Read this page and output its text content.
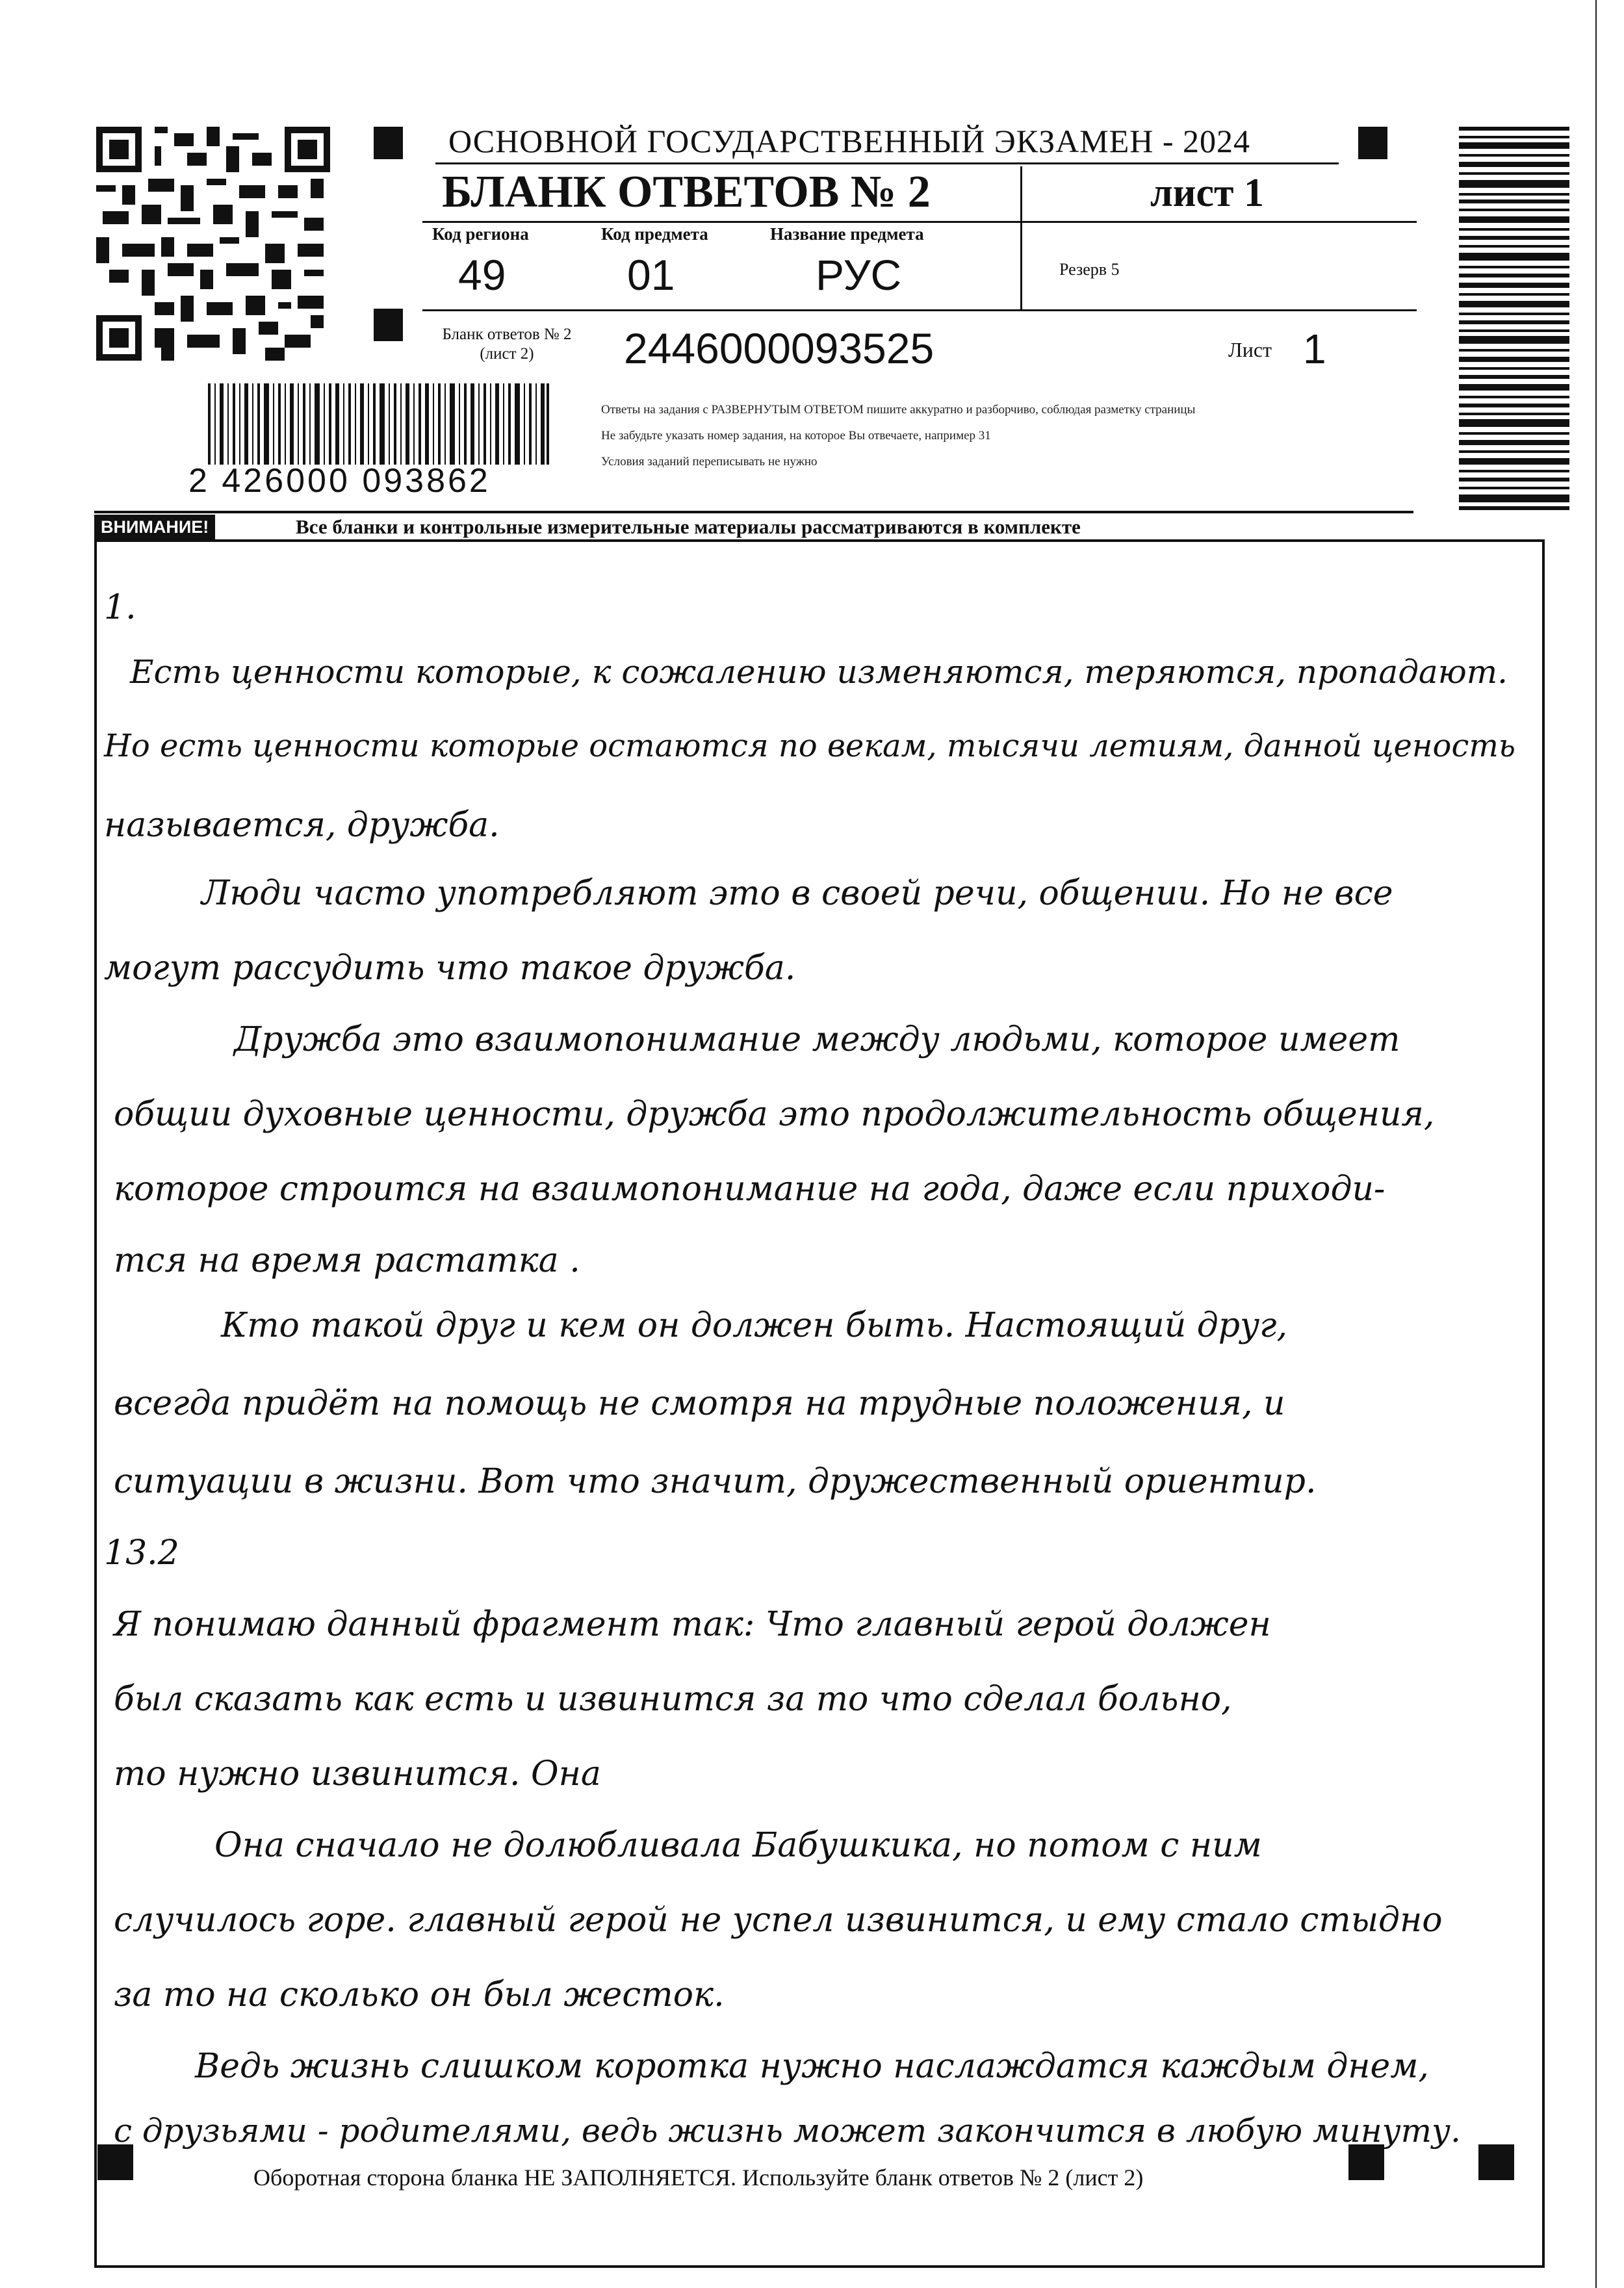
ОСНОВНОЙ ГОСУДАРСТВЕННЫЙ ЭКЗАМЕН - 2024
БЛАНК ОТВЕТОВ № 2	лист 1
Код региона
49
Код предмета
01
Название предмета
РУС	Резерв 5
Бланк ответов № 2
(лист 2)	2446000093525	Лист 1
Ответы на задания с РАЗВЕРНУТЫМ ОТВЕТОМ пишите аккуратно и разборчиво, соблюдая разметку страницы
Не забудьте указать номер задания, на которое Вы отвечаете, например 31
Условия заданий переписывать не нужно
2 426000 093862
ВНИМАНИЕ!	Все бланки и контрольные измерительные материалы рассматриваются в комплекте
1.
Есть ценности которые, к сожалению изменяются, теряются, пропадают.
Но есть ценности которые остаются по векам, тысячи летиям, данной ценость
называется, дружба.
Люди часто употребляют это в своей речи, общении. Но не все
могут рассудить что такое дружба.
Дружба это взаимопонимание между людьми, которое имеет
общии духовные ценности, дружба это продолжительность общения,
которое строится на взаимопонимание на года, даже если приходи-
тся на время растатка .
Кто такой друг и кем он должен быть. Настоящий друг,
всегда придёт на помощь не смотря на трудные положения, и
ситуации в жизни. Вот что значит, дружественный ориентир.
13.2
Я понимаю данный фрагмент так: Что главный герой должен
был сказать как есть и извинится за то что сделал больно,
то нужно извинится. Она
Она сначало не долюбливала Бабушкика, но потом с ним
случилось горе. главный герой не успел извинится, и ему стало стыдно
за то на сколько он был жесток.
Ведь жизнь слишком коротка нужно наслаждатся каждым днем,
с друзьями - родителями, ведь жизнь может закончится в любую минуту.
Оборотная сторона бланка НЕ ЗАПОЛНЯЕТСЯ. Используйте бланк ответов № 2 (лист 2)
